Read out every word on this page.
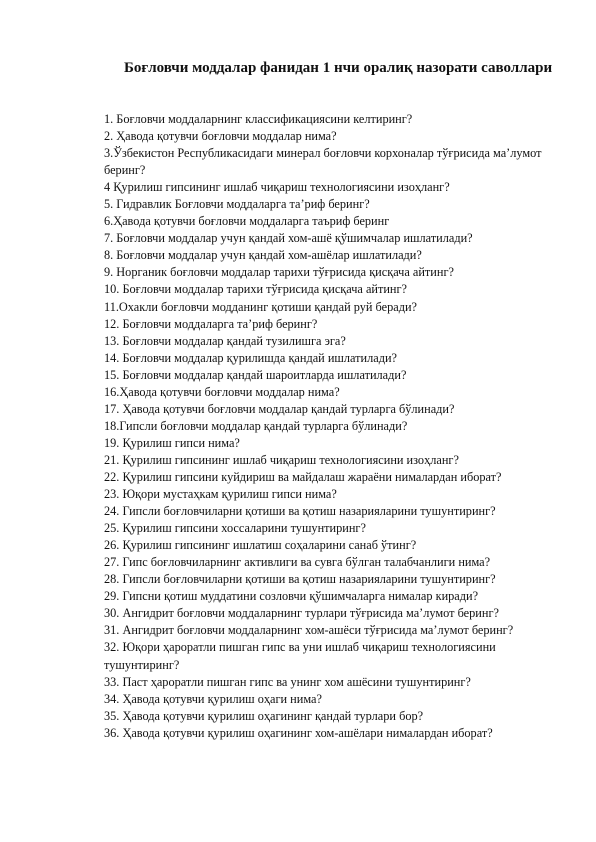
Боғловчи моддалар фанидан 1 нчи оралиқ назорати саволлари
1. Боғловчи моддаларнинг классификациясини келтиринг?
2. Ҳавода қотувчи боғловчи моддалар нима?
3.Ўзбекистон Республикасидаги минерал боғловчи корхоналар тўғрисида маʼлумот беринг?
4 Қурилиш гипсининг ишлаб чиқариш технологиясини изоҳланг?
5. Гидравлик Боғловчи моддаларга таʼриф беринг?
6.Ҳавода қотувчи боғловчи моддаларга таъриф беринг
7. Боғловчи моддалар учун қандай хом-ашё қўшимчалар ишлатилади?
8. Боғловчи моддалар учун қандай хом-ашёлар ишлатилади?
9. Норганик боғловчи моддалар тарихи тўғрисида қисқача айтинг?
10. Боғловчи моддалар тарихи тўғрисида қисқача айтинг?
11.Охакли боғловчи модданинг қотиши қандай руй беради?
12. Боғловчи моддаларга таʼриф беринг?
13. Боғловчи моддалар қандай тузилишга эга?
14. Боғловчи моддалар қурилишда қандай ишлатилади?
15. Боғловчи моддалар қандай шароитларда ишлатилади?
16.Ҳавода қотувчи боғловчи моддалар нима?
17. Ҳавода қотувчи боғловчи моддалар қандай турларга бўлинади?
18.Гипсли боғловчи моддалар қандай турларга бўлинади?
19. Қурилиш гипси нима?
21. Қурилиш гипсининг ишлаб чиқариш технологиясини изоҳланг?
22. Қурилиш гипсини куйдириш ва майдалаш жараёни нималардан иборат?
23. Юқори мустаҳкам қурилиш гипси нима?
24. Гипсли боғловчиларни қотиши ва қотиш назарияларини тушунтиринг?
25. Қурилиш гипсини хоссаларини тушунтиринг?
26. Қурилиш гипсининг ишлатиш соҳаларини санаб ўтинг?
27. Гипс боғловчиларнинг активлиги ва сувга бўлган талабчанлиги нима?
28. Гипсли боғловчиларни қотиши ва қотиш назарияларини тушунтиринг?
29. Гипсни қотиш муддатини созловчи қўшимчаларга нималар киради?
30. Ангидрит боғловчи моддаларнинг турлари тўғрисида маʼлумот беринг?
31. Ангидрит боғловчи моддаларнинг хом-ашёси тўғрисида маʼлумот беринг?
32. Юқори ҳароратли пишган гипс ва уни ишлаб чиқариш технологиясини тушунтиринг?
33. Паст ҳароратли пишган гипс ва унинг хом ашёсини тушунтиринг?
34. Ҳавода қотувчи қурилиш оҳаги нима?
35. Ҳавода қотувчи қурилиш оҳагининг қандай турлари бор?
36. Ҳавода қотувчи қурилиш оҳагининг хом-ашёлари нималардан иборат?
